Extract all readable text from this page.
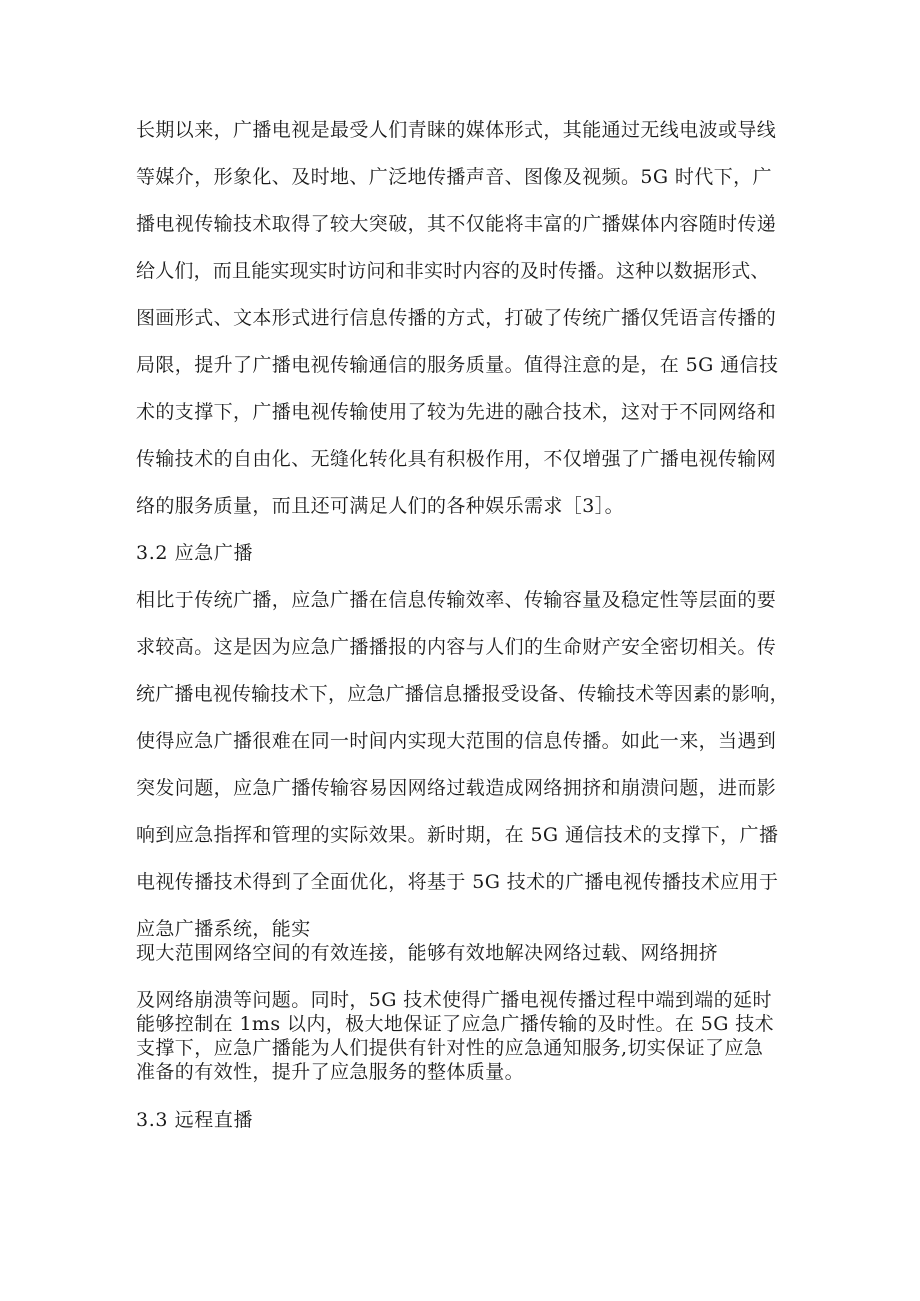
长期以来，广播电视是最受人们青睐的媒体形式，其能通过无线电波或导线
等媒介，形象化、及时地、广泛地传播声音、图像及视频。5G 时代下，广
播电视传输技术取得了较大突破，其不仅能将丰富的广播媒体内容随时传递
给人们，而且能实现实时访问和非实时内容的及时传播。这种以数据形式、
图画形式、文本形式进行信息传播的方式，打破了传统广播仅凭语言传播的
局限，提升了广播电视传输通信的服务质量。值得注意的是，在 5G 通信技
术的支撑下，广播电视传输使用了较为先进的融合技术，这对于不同网络和
传输技术的自由化、无缝化转化具有积极作用，不仅增强了广播电视传输网
络的服务质量，而且还可满足人们的各种娱乐需求［3］。
3.2 应急广播
相比于传统广播，应急广播在信息传输效率、传输容量及稳定性等层面的要
求较高。这是因为应急广播播报的内容与人们的生命财产安全密切相关。传
统广播电视传输技术下，应急广播信息播报受设备、传输技术等因素的影响，
使得应急广播很难在同一时间内实现大范围的信息传播。如此一来，当遇到
突发问题，应急广播传输容易因网络过载造成网络拥挤和崩溃问题，进而影
响到应急指挥和管理的实际效果。新时期，在 5G 通信技术的支撑下，广播
电视传播技术得到了全面优化，将基于 5G 技术的广播电视传播技术应用于
应急广播系统，能实
现大范围网络空间的有效连接，能够有效地解决网络过载、网络拥挤
及网络崩溃等问题。同时，5G 技术使得广播电视传播过程中端到端的延时
能够控制在 1ms 以内，极大地保证了应急广播传输的及时性。在 5G 技术
支撑下，应急广播能为人们提供有针对性的应急通知服务,切实保证了应急
准备的有效性，提升了应急服务的整体质量。
3.3 远程直播
